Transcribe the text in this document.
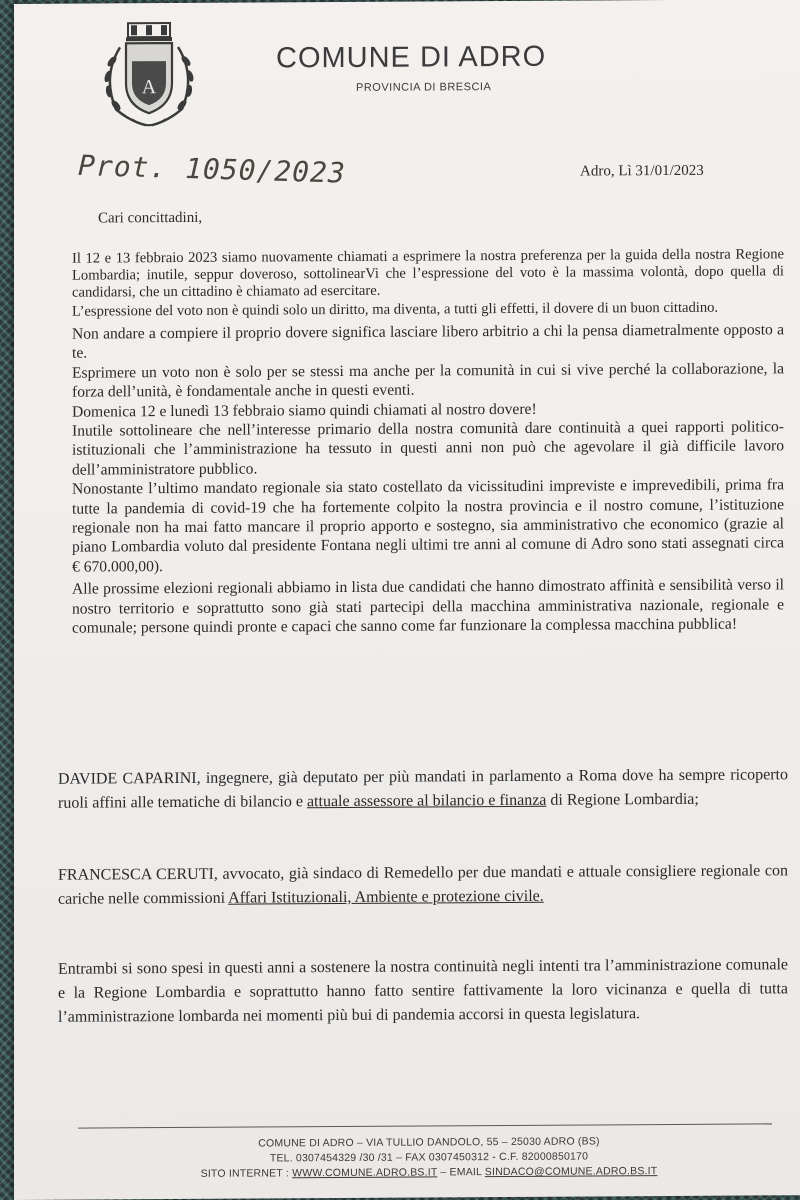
A
COMUNE DI ADRO
PROVINCIA DI BRESCIA
Prot. 1050/2023	Adro, Lì 31/01/2023
Cari concittadini,

Il 12 e 13 febbraio 2023 siamo nuovamente chiamati a esprimere la nostra preferenza per la guida della nostra Regione Lombardia; inutile, seppur doveroso, sottolinearVi che l’espressione del voto è la massima volontà, dopo quella di candidarsi, che un cittadino è chiamato ad esercitare.

L’espressione del voto non è quindi solo un diritto, ma diventa, a tutti gli effetti, il dovere di un buon cittadino.

Non andare a compiere il proprio dovere significa lasciare libero arbitrio a chi la pensa diametralmente opposto a te.

Esprimere un voto non è solo per se stessi ma anche per la comunità in cui si vive perché la collaborazione, la forza dell’unità, è fondamentale anche in questi eventi.

Domenica 12 e lunedì 13 febbraio siamo quindi chiamati al nostro dovere!

Inutile sottolineare che nell’interesse primario della nostra comunità dare continuità a quei rapporti politico-istituzionali che l’amministrazione ha tessuto in questi anni non può che agevolare il già difficile lavoro dell’amministratore pubblico.

Nonostante l’ultimo mandato regionale sia stato costellato da vicissitudini impreviste e imprevedibili, prima fra tutte la pandemia di covid-19 che ha fortemente colpito la nostra provincia e il nostro comune, l’istituzione regionale non ha mai fatto mancare il proprio apporto e sostegno, sia amministrativo che economico (grazie al piano Lombardia voluto dal presidente Fontana negli ultimi tre anni al comune di Adro sono stati assegnati circa € 670.000,00).

Alle prossime elezioni regionali abbiamo in lista due candidati che hanno dimostrato affinità e sensibilità verso il nostro territorio e soprattutto sono già stati partecipi della macchina amministrativa nazionale, regionale e comunale; persone quindi pronte e capaci che sanno come far funzionare la complessa macchina pubblica!

DAVIDE CAPARINI, ingegnere, già deputato per più mandati in parlamento a Roma dove ha sempre ricoperto ruoli affini alle tematiche di bilancio e attuale assessore al bilancio e finanza di Regione Lombardia;
FRANCESCA CERUTI, avvocato, già sindaco di Remedello per due mandati e attuale consigliere regionale con cariche nelle commissioni Affari Istituzionali, Ambiente e protezione civile.
Entrambi si sono spesi in questi anni a sostenere la nostra continuità negli intenti tra l’amministrazione comunale e la Regione Lombardia e soprattutto hanno fatto sentire fattivamente la loro vicinanza e quella di tutta l’amministrazione lombarda nei momenti più bui di pandemia accorsi in questa legislatura.
COMUNE DI ADRO – VIA TULLIO DANDOLO, 55 – 25030 ADRO (BS)
TEL. 0307454329 /30 /31 – FAX 0307450312 - C.F. 82000850170
SITO INTERNET : WWW.COMUNE.ADRO.BS.IT – EMAIL SINDACO@COMUNE.ADRO.BS.IT
